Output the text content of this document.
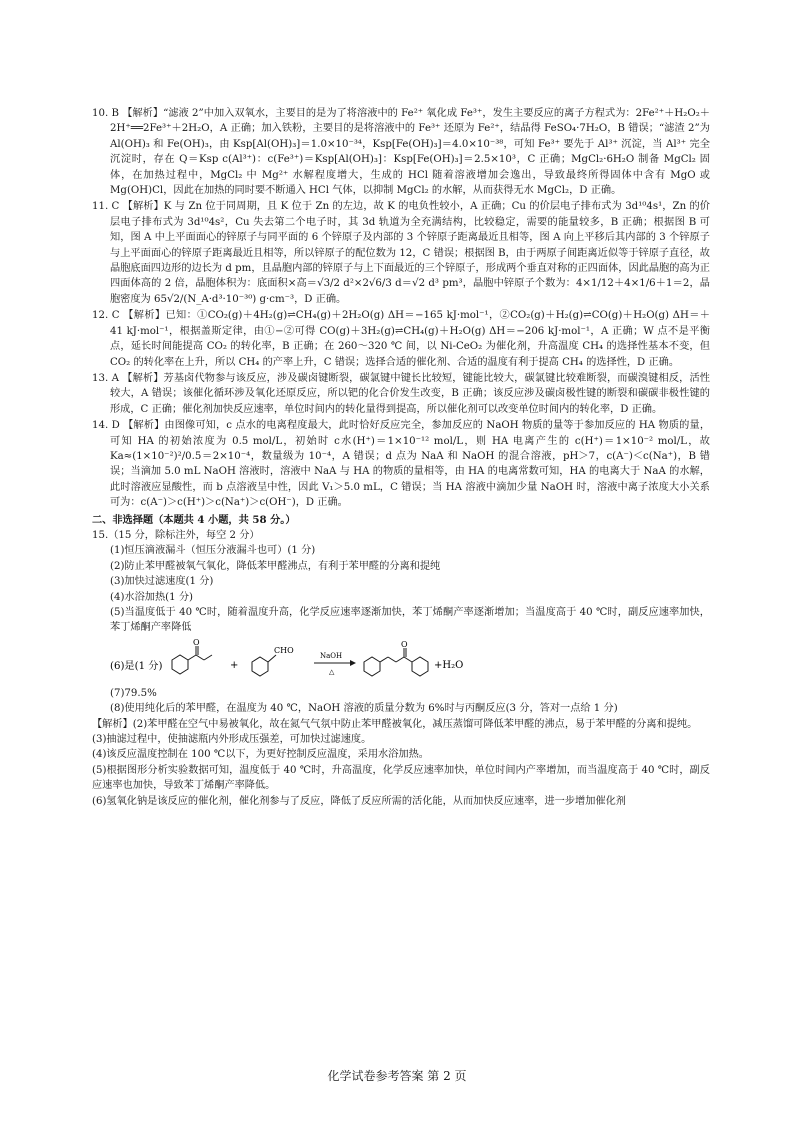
10. B 【解析】“滤液 2”中加入双氧水，主要目的是为了将溶液中的 Fe²⁺ 氧化成 Fe³⁺，发生主要反应的离子方程式为：2Fe²⁺＋H₂O₂＋2H⁺══2Fe³⁺＋2H₂O，A 正确；加入铁粉，主要目的是将溶液中的 Fe³⁺ 还原为 Fe²⁺，结晶得 FeSO₄·7H₂O，B 错误；“滤渣 2”为 Al(OH)₃ 和 Fe(OH)₃，由 Ksp[Al(OH)₃]＝1.0×10⁻³⁴，Ksp[Fe(OH)₃]＝4.0×10⁻³⁸，可知 Fe³⁺ 要先于 Al³⁺ 沉淀，当 Al³⁺ 完全沉淀时，存在 Q＝Ksp c(Al³⁺)：c(Fe³⁺)＝Ksp[Al(OH)₃]：Ksp[Fe(OH)₃]＝2.5×10³，C 正确；MgCl₂·6H₂O 制备 MgCl₂ 固体，在加热过程中，MgCl₂ 中 Mg²⁺ 水解程度增大，生成的 HCl 随着溶液增加会逸出，导致最终所得固体中含有 MgO 或 Mg(OH)Cl，因此在加热的同时要不断通入 HCl 气体，以抑制 MgCl₂ 的水解，从而获得无水 MgCl₂，D 正确。

11. C 【解析】K 与 Zn 位于同周期，且 K 位于 Zn 的左边，故 K 的电负性较小，A 正确；Cu 的价层电子排布式为 3d¹⁰4s¹，Zn 的价层电子排布式为 3d¹⁰4s²，Cu 失去第二个电子时，其 3d 轨道为全充满结构，比较稳定，需要的能量较多，B 正确；根据图 B 可知，图 A 中上平面面心的锌原子与同平面的 6 个锌原子及内部的 3 个锌原子距离最近且相等，图 A 向上平移后其内部的 3 个锌原子与上平面面心的锌原子距离最近且相等，所以锌原子的配位数为 12，C 错误；根据图 B，由于两原子间距离近似等于锌原子直径，故晶胞底面四边形的边长为 d pm，且晶胞内部的锌原子与上下面最近的三个锌原子，形成两个垂直对称的正四面体，因此晶胞的高为正四面体高的 2 倍，晶胞体积为：底面积×高＝√3/2 d²×2√6/3 d＝√2 d³ pm³，晶胞中锌原子个数为：4×1/12＋4×1/6＋1＝2，晶胞密度为 65√2/(N_A·d³·10⁻³⁰) g·cm⁻³，D 正确。

12. C 【解析】已知：①CO₂(g)＋4H₂(g)⇌CH₄(g)＋2H₂O(g) ΔH＝−165 kJ·mol⁻¹，②CO₂(g)＋H₂(g)⇌CO(g)＋H₂O(g) ΔH＝＋41 kJ·mol⁻¹，根据盖斯定律，由①−②可得 CO(g)＋3H₂(g)⇌CH₄(g)＋H₂O(g) ΔH＝−206 kJ·mol⁻¹，A 正确；W 点不是平衡点，延长时间能提高 CO₂ 的转化率，B 正确；在 260～320 ℃ 间，以 Ni-CeO₂ 为催化剂，升高温度 CH₄ 的选择性基本不变，但 CO₂ 的转化率在上升，所以 CH₄ 的产率上升，C 错误；选择合适的催化剂、合适的温度有利于提高 CH₄ 的选择性，D 正确。

13. A 【解析】芳基卤代物参与该反应，涉及碳卤键断裂，碳氯键中键长比较短，键能比较大，碳氯键比较难断裂，而碳溴键相反，活性较大，A 错误；该催化循环涉及氧化还原反应，所以钯的化合价发生改变，B 正确；该反应涉及碳卤极性键的断裂和碳碳非极性键的形成，C 正确；催化剂加快反应速率，单位时间内的转化量得到提高，所以催化剂可以改变单位时间内的转化率，D 正确。

14. D 【解析】由图像可知，c 点水的电离程度最大，此时恰好反应完全，参加反应的 NaOH 物质的量等于参加反应的 HA 物质的量，可知 HA 的初始浓度为 0.5 mol/L，初始时 c水(H⁺)＝1×10⁻¹² mol/L，则 HA 电离产生的 c(H⁺)＝1×10⁻² mol/L，故 Ka≈(1×10⁻²)²/0.5＝2×10⁻⁴，数量级为 10⁻⁴，A 错误；d 点为 NaA 和 NaOH 的混合溶液，pH＞7，c(A⁻)＜c(Na⁺)，B 错误；当滴加 5.0 mL NaOH 溶液时，溶液中 NaA 与 HA 的物质的量相等，由 HA 的电离常数可知，HA 的电离大于 NaA 的水解，此时溶液应显酸性，而 b 点溶液呈中性，因此 V₁＞5.0 mL，C 错误；当 HA 溶液中滴加少量 NaOH 时，溶液中离子浓度大小关系可为：c(A⁻)＞c(H⁺)＞c(Na⁺)＞c(OH⁻)，D 正确。

二、非选择题（本题共 4 小题，共 58 分。）

15.（15 分，除标注外，每空 2 分）

(1)恒压滴液漏斗（恒压分液漏斗也可）(1 分)

(2)防止苯甲醛被氧气氧化，降低苯甲醛沸点，有利于苯甲醛的分离和提纯

(3)加快过滤速度(1 分)

(4)水浴加热(1 分)

(5)当温度低于 40 ℃时，随着温度升高，化学反应速率逐渐加快，苯丁烯酮产率逐渐增加；当温度高于 40 ℃时，副反应速率加快，苯丁烯酮产率降低

(6)是(1 分)
O
+
CHO
NaOH
△
O
+H₂O

(7)79.5%

(8)使用纯化后的苯甲醛，在温度为 40 ℃，NaOH 溶液的质量分数为 6%时与丙酮反应(3 分，答对一点给 1 分)

【解析】(2)苯甲醛在空气中易被氧化，故在氮气气氛中防止苯甲醛被氧化，减压蒸馏可降低苯甲醛的沸点，易于苯甲醛的分离和提纯。

(3)抽滤过程中，使抽滤瓶内外形成压强差，可加快过滤速度。

(4)该反应温度控制在 100 ℃以下，为更好控制反应温度，采用水浴加热。

(5)根据图形分析实验数据可知，温度低于 40 ℃时，升高温度，化学反应速率加快，单位时间内产率增加，而当温度高于 40 ℃时，副反应速率也加快，导致苯丁烯酮产率降低。

(6)氢氧化钠是该反应的催化剂，催化剂参与了反应，降低了反应所需的活化能，从而加快反应速率，进一步增加催化剂

化学试卷参考答案 第 2 页
